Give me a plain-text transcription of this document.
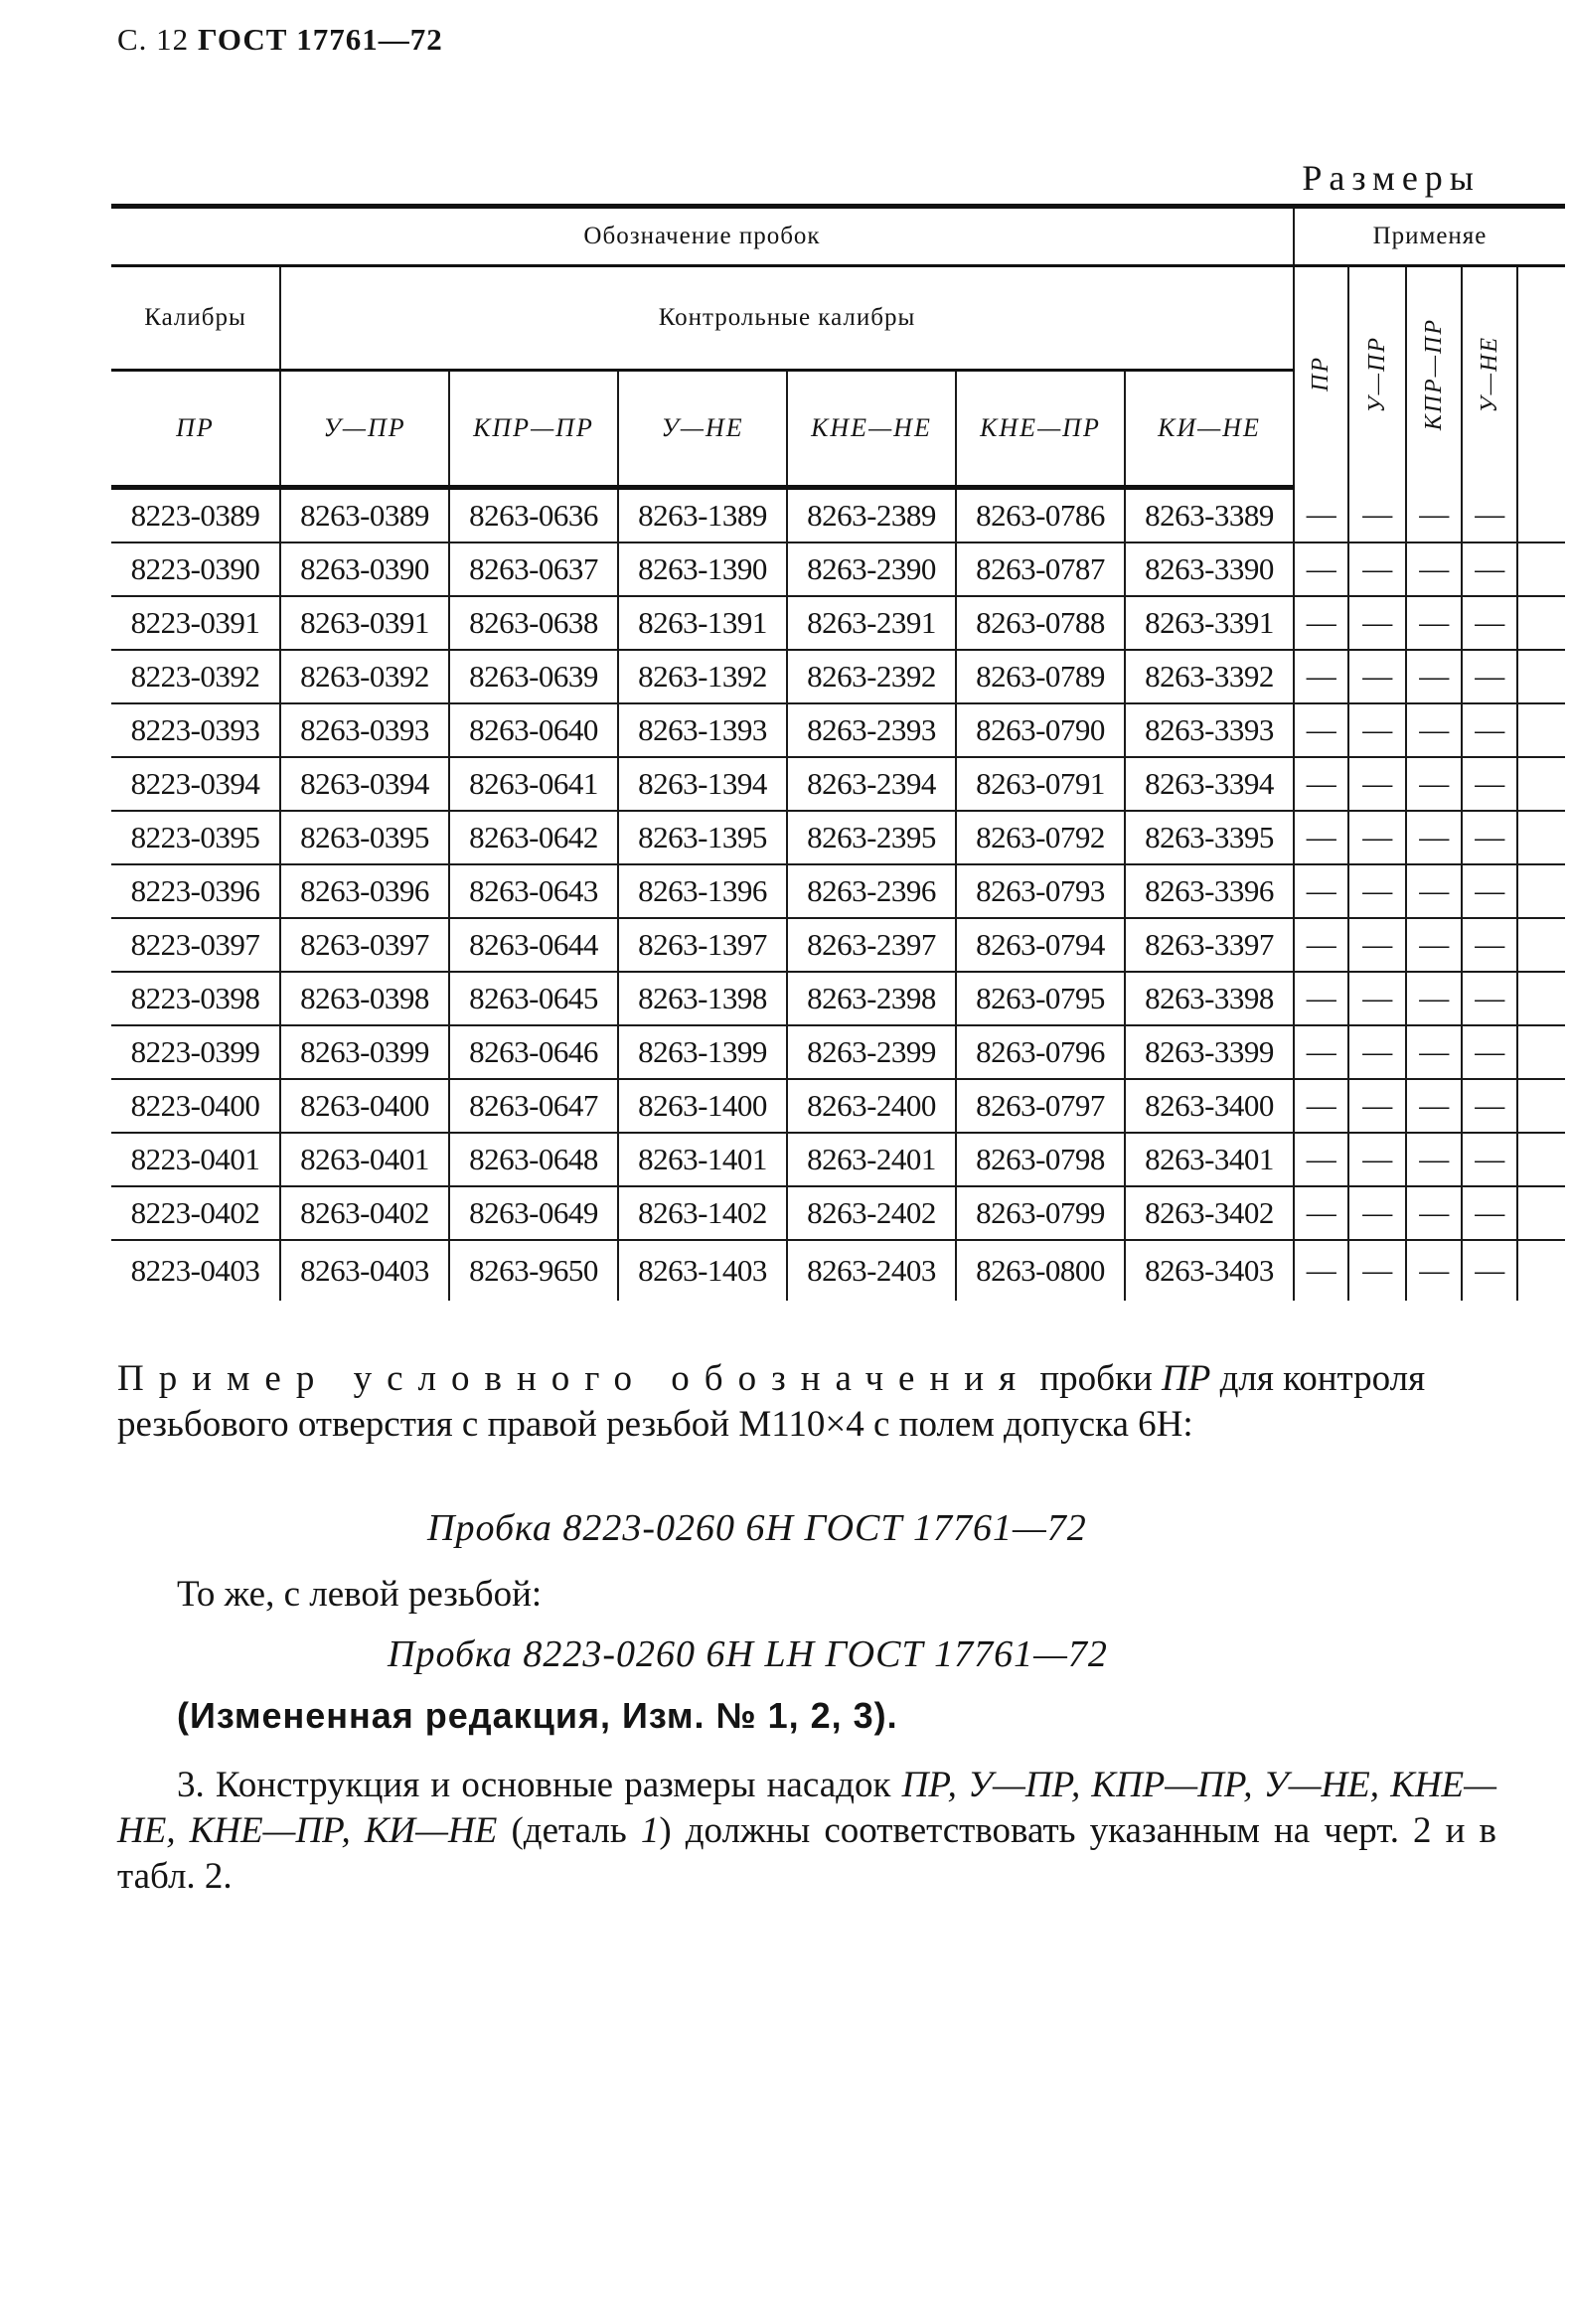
С. 12 ГОСТ 17761—72
Размеры
Обозначение пробок							Применяе				
Калибры	Контрольные калибры						ПР	У—ПР	КПР—ПР	У—НЕ	
ПР	У—ПР	КПР—ПР	У—НЕ	КНЕ—НЕ	КНЕ—ПР	КИ—НЕ					
8223-0389	8263-0389	8263-0636	8263-1389	8263-2389	8263-0786	8263-3389	—	—	—	—	
8223-0390	8263-0390	8263-0637	8263-1390	8263-2390	8263-0787	8263-3390	—	—	—	—	
8223-0391	8263-0391	8263-0638	8263-1391	8263-2391	8263-0788	8263-3391	—	—	—	—	
8223-0392	8263-0392	8263-0639	8263-1392	8263-2392	8263-0789	8263-3392	—	—	—	—	
8223-0393	8263-0393	8263-0640	8263-1393	8263-2393	8263-0790	8263-3393	—	—	—	—	
8223-0394	8263-0394	8263-0641	8263-1394	8263-2394	8263-0791	8263-3394	—	—	—	—	
8223-0395	8263-0395	8263-0642	8263-1395	8263-2395	8263-0792	8263-3395	—	—	—	—	
8223-0396	8263-0396	8263-0643	8263-1396	8263-2396	8263-0793	8263-3396	—	—	—	—	
8223-0397	8263-0397	8263-0644	8263-1397	8263-2397	8263-0794	8263-3397	—	—	—	—	
8223-0398	8263-0398	8263-0645	8263-1398	8263-2398	8263-0795	8263-3398	—	—	—	—	
8223-0399	8263-0399	8263-0646	8263-1399	8263-2399	8263-0796	8263-3399	—	—	—	—	
8223-0400	8263-0400	8263-0647	8263-1400	8263-2400	8263-0797	8263-3400	—	—	—	—	
8223-0401	8263-0401	8263-0648	8263-1401	8263-2401	8263-0798	8263-3401	—	—	—	—	
8223-0402	8263-0402	8263-0649	8263-1402	8263-2402	8263-0799	8263-3402	—	—	—	—	
8223-0403	8263-0403	8263-9650	8263-1403	8263-2403	8263-0800	8263-3403	—	—	—	—	
Пример условного обозначения пробки ПР для контроля резьбового отверстия с правой резьбой М110×4 с полем допуска 6Н:
Пробка 8223-0260 6Н ГОСТ 17761—72
То же, с левой резьбой:
Пробка 8223-0260 6Н LH ГОСТ 17761—72
(Измененная редакция, Изм. № 1, 2, 3).
3. Конструкция и основные размеры насадок ПР, У—ПР, КПР—ПР, У—НЕ, КНЕ—НЕ, КНЕ—ПР, КИ—НЕ (деталь 1) должны соответствовать указанным на черт. 2 и в табл. 2.
